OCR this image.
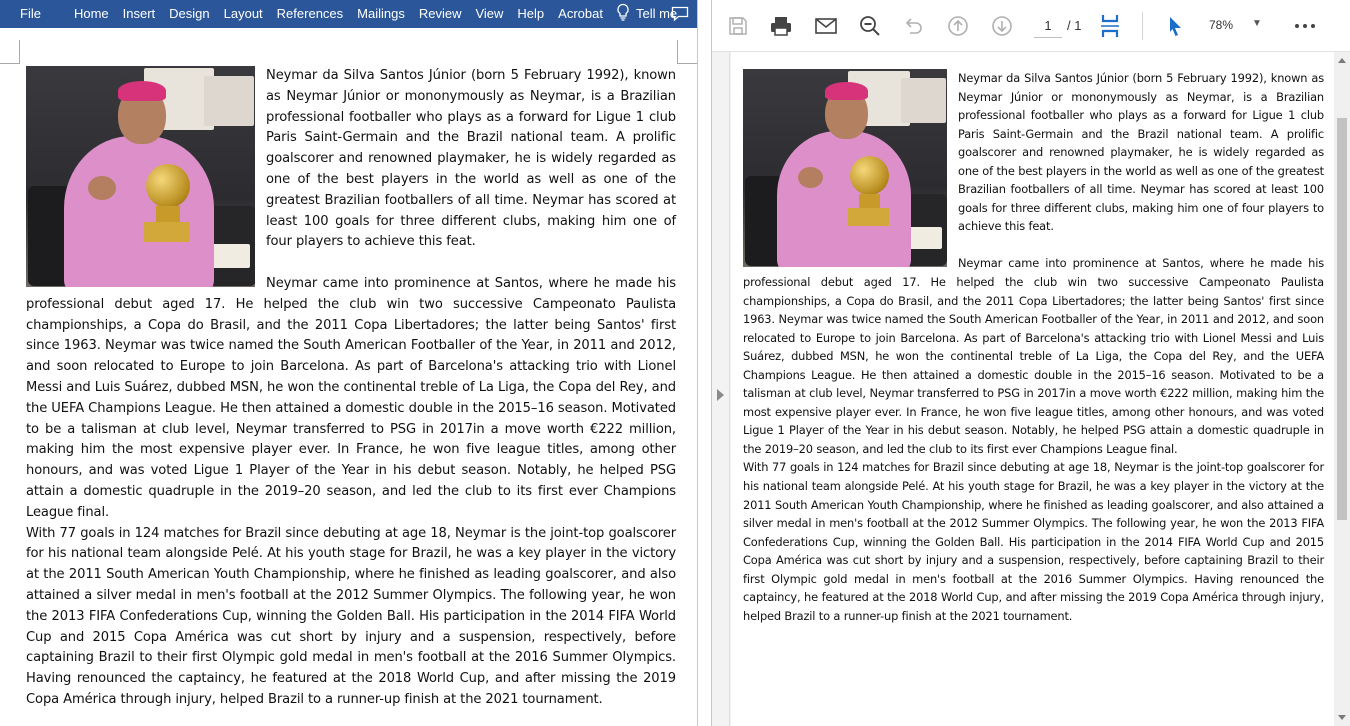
File	Home	Insert	Design	Layout	References	Mailings	Review	View	Help	Acrobat	Tell me

Neymar da Silva Santos Júnior (born 5 February 1992), known as Neymar Júnior or mononymously as Neymar, is a Brazilian professional footballer who plays as a forward for Ligue 1 club Paris Saint-Germain and the Brazil national team. A prolific goalscorer and renowned playmaker, he is widely regarded as one of the best players in the world as well as one of the greatest Brazilian footballers of all time. Neymar has scored at least 100 goals for three different clubs, making him one of four players to achieve this feat.

Neymar came into prominence at Santos, where he made his professional debut aged 17. He helped the club win two successive Campeonato Paulista championships, a Copa do Brasil, and the 2011 Copa Libertadores; the latter being Santos' first since 1963. Neymar was twice named the South American Footballer of the Year, in 2011 and 2012, and soon relocated to Europe to join Barcelona. As part of Barcelona's attacking trio with Lionel Messi and Luis Suárez, dubbed MSN, he won the continental treble of La Liga, the Copa del Rey, and the UEFA Champions League. He then attained a domestic double in the 2015–16 season. Motivated to be a talisman at club level, Neymar transferred to PSG in 2017in a move worth €222 million, making him the most expensive player ever. In France, he won five league titles, among other honours, and was voted Ligue 1 Player of the Year in his debut season. Notably, he helped PSG attain a domestic quadruple in the 2019–20 season, and led the club to its first ever Champions League final.

With 77 goals in 124 matches for Brazil since debuting at age 18, Neymar is the joint-top goalscorer for his national team alongside Pelé. At his youth stage for Brazil, he was a key player in the victory at the 2011 South American Youth Championship, where he finished as leading goalscorer, and also attained a silver medal in men's football at the 2012 Summer Olympics. The following year, he won the 2013 FIFA Confederations Cup, winning the Golden Ball. His participation in the 2014 FIFA World Cup and 2015 Copa América was cut short by injury and a suspension, respectively, before captaining Brazil to their first Olympic gold medal in men's football at the 2016 Summer Olympics. Having renounced the captaincy, he featured at the 2018 World Cup, and after missing the 2019 Copa América through injury, helped Brazil to a runner-up finish at the 2021 tournament.

1
/ 1	78% ▼

Neymar da Silva Santos Júnior (born 5 February 1992), known as Neymar Júnior or mononymously as Neymar, is a Brazilian professional footballer who plays as a forward for Ligue 1 club Paris Saint-Germain and the Brazil national team. A prolific goalscorer and renowned playmaker, he is widely regarded as one of the best players in the world as well as one of the greatest Brazilian footballers of all time. Neymar has scored at least 100 goals for three different clubs, making him one of four players to achieve this feat.

Neymar came into prominence at Santos, where he made his professional debut aged 17. He helped the club win two successive Campeonato Paulista championships, a Copa do Brasil, and the 2011 Copa Libertadores; the latter being Santos' first since 1963. Neymar was twice named the South American Footballer of the Year, in 2011 and 2012, and soon relocated to Europe to join Barcelona. As part of Barcelona's attacking trio with Lionel Messi and Luis Suárez, dubbed MSN, he won the continental treble of La Liga, the Copa del Rey, and the UEFA Champions League. He then attained a domestic double in the 2015–16 season. Motivated to be a talisman at club level, Neymar transferred to PSG in 2017in a move worth €222 million, making him the most expensive player ever. In France, he won five league titles, among other honours, and was voted Ligue 1 Player of the Year in his debut season. Notably, he helped PSG attain a domestic quadruple in the 2019–20 season, and led the club to its first ever Champions League final.

With 77 goals in 124 matches for Brazil since debuting at age 18, Neymar is the joint-top goalscorer for his national team alongside Pelé. At his youth stage for Brazil, he was a key player in the victory at the 2011 South American Youth Championship, where he finished as leading goalscorer, and also attained a silver medal in men's football at the 2012 Summer Olympics. The following year, he won the 2013 FIFA Confederations Cup, winning the Golden Ball. His participation in the 2014 FIFA World Cup and 2015 Copa América was cut short by injury and a suspension, respectively, before captaining Brazil to their first Olympic gold medal in men's football at the 2016 Summer Olympics. Having renounced the captaincy, he featured at the 2018 World Cup, and after missing the 2019 Copa América through injury, helped Brazil to a runner-up finish at the 2021 tournament.
